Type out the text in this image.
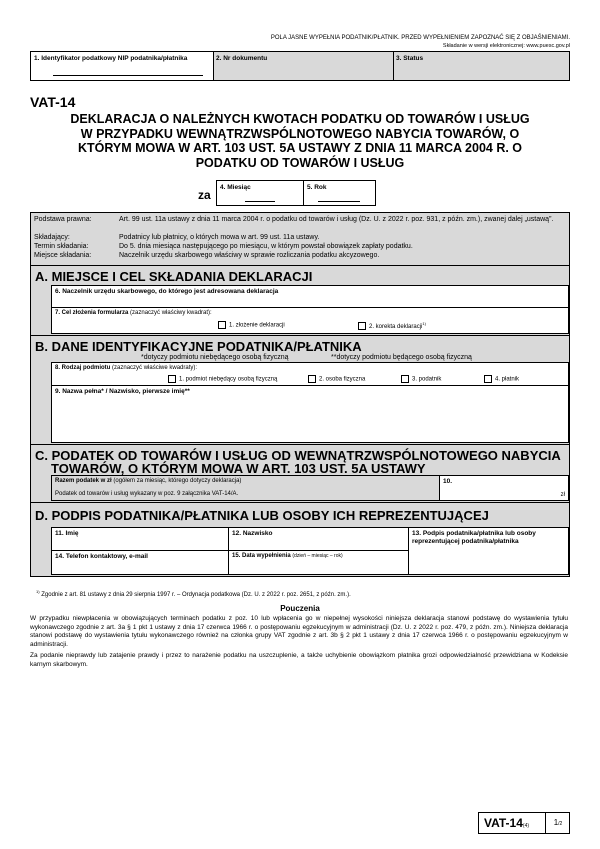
POLA JASNE WYPEŁNIA PODATNIK/PŁATNIK. PRZED WYPEŁNIENIEM ZAPOZNAĆ SIĘ Z OBJAŚNIENIAMI.
Składanie w wersji elektronicznej: www.puesc.gov.pl
1. Identyfikator podatkowy NIP podatnika/płatnika	2. Nr dokumentu	3. Status
VAT-14
DEKLARACJA O NALEŻNYCH KWOTACH PODATKU OD TOWARÓW I USŁUG W PRZYPADKU WEWNĄTRZWSPÓLNOTOWEGO NABYCIA TOWARÓW, O KTÓRYM MOWA W ART. 103 UST. 5A USTAWY Z DNIA 11 MARCA 2004 R. O PODATKU OD TOWARÓW I USŁUG
za
4. Miesiąc	5. Rok
Podstawa prawna:	Art. 99 ust. 11a ustawy z dnia 11 marca 2004 r. o podatku od towarów i usług (Dz. U. z 2022 r. poz. 931, z późn. zm.), zwanej dalej „ustawą”.
Składający:	Podatnicy lub płatnicy, o których mowa w art. 99 ust. 11a ustawy.
Termin składania:	Do 5. dnia miesiąca następującego po miesiącu, w którym powstał obowiązek zapłaty podatku.
Miejsce składania:	Naczelnik urzędu skarbowego właściwy w sprawie rozliczania podatku akcyzowego.
A. MIEJSCE I CEL SKŁADANIA DEKLARACJI
6. Naczelnik urzędu skarbowego, do którego jest adresowana deklaracja
7. Cel złożenia formularza (zaznaczyć właściwy kwadrat):
1. złożenie deklaracji	2. korekta deklaracji$^{1)}$
B. DANE IDENTYFIKACYJNE PODATNIKA/PŁATNIKA
*dotyczy podmiotu niebędącego osobą fizyczną	**dotyczy podmiotu będącego osobą fizyczną
8. Rodzaj podmiotu (zaznaczyć właściwe kwadraty):
1. podmiot niebędący osobą fizyczną	2. osoba fizyczna	3. podatnik	4. płatnik
9. Nazwa pełna* / Nazwisko, pierwsze imię**
C. PODATEK OD TOWARÓW I USŁUG OD WEWNĄTRZWSPÓLNOTOWEGO NABYCIA
TOWARÓW, O KTÓRYM MOWA W ART. 103 UST. 5A USTAWY
Razem podatek w zł (ogółem za miesiąc, którego dotyczy deklaracja)
Podatek od towarów i usług wykazany w poz. 9 załącznika VAT-14/A.
10.
zł
D. PODPIS PODATNIKA/PŁATNIKA LUB OSOBY ICH REPREZENTUJĄCEJ
11. Imię	12. Nazwisko	13. Podpis podatnika/płatnika lub osoby reprezentującej podatnika/płatnika
14. Telefon kontaktowy, e-mail	15. Data wypełnienia (dzień – miesiąc – rok)
$^{1)}$ Zgodnie z art. 81 ustawy z dnia 29 sierpnia 1997 r. – Ordynacja podatkowa (Dz. U. z 2022 r. poz. 2651, z późn. zm.).
Pouczenia
W przypadku niewpłacenia w obowiązujących terminach podatku z poz. 10 lub wpłacenia go w niepełnej wysokości niniejsza deklaracja stanowi podstawę do wystawienia tytułu wykonawczego zgodnie z art. 3a § 1 pkt 1 ustawy z dnia 17 czerwca 1966 r. o postępowaniu egzekucyjnym w administracji (Dz. U. z 2022 r. poz. 479, z późn. zm.). Niniejsza deklaracja stanowi podstawę do wystawienia tytułu wykonawczego również na członka grupy VAT zgodnie z art. 3b § 2 pkt 1 ustawy z dnia 17 czerwca 1966 r. o postępowaniu egzekucyjnym w administracji.
Za podanie nieprawdy lub zatajenie prawdy i przez to narażenie podatku na uszczuplenie, a także uchybienie obowiązkom płatnika grozi odpowiedzialność przewidziana w Kodeksie karnym skarbowym.
VAT-14(4)	1/2
